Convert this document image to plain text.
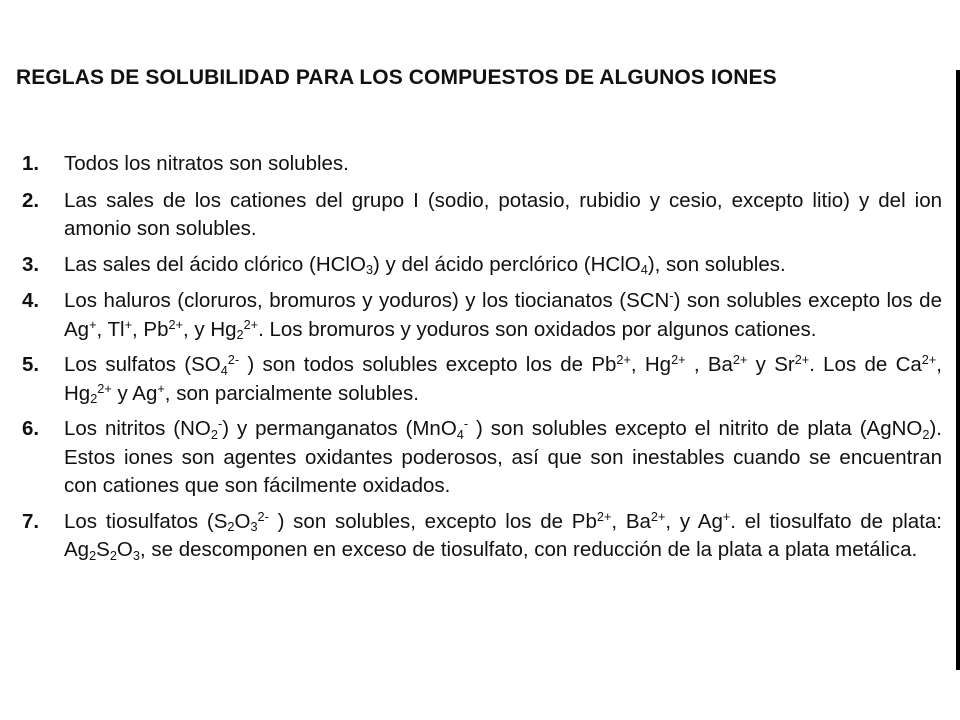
REGLAS DE SOLUBILIDAD PARA LOS COMPUESTOS DE ALGUNOS IONES
1. Todos los nitratos son solubles.
2. Las sales de los cationes del grupo I (sodio, potasio, rubidio y cesio, excepto litio) y del ion amonio son solubles.
3. Las sales del ácido clórico (HClO$_3$) y del ácido perclórico (HClO$_4$), son solubles.
4. Los haluros (cloruros, bromuros y yoduros) y los tiocianatos (SCN-) son solubles excepto los de Ag+, Tl+, $Pb^{2+}$, y $Hg_2^{2+}$. Los bromuros y yoduros son oxidados por algunos cationes.
5. Los sulfatos ($SO_4^{2-}$ ) son todos solubles excepto los de $Pb^{2+}$, $Hg^{2+}$ , $Ba^{2+}$ y $Sr^{2+}$. Los de $Ca^{2+}$, $Hg_2^{2+}$ y Ag+, son parcialmente solubles.
6. Los nitritos $(NO_2^-)$ y permanganatos (MnO$_4$- ) son solubles excepto el nitrito de plata (AgNO$_2$). Estos iones son agentes oxidantes poderosos, así que son inestables cuando se encuentran con cationes que son fácilmente oxidados.
7. Los tiosulfatos ($S_2O_3^{2-}$ ) son solubles, excepto los de $Pb^{2+}$, $Ba^{2+}$, y Ag+. el tiosulfato de plata: $Ag_2S_2O_3$, se descomponen en exceso de tiosulfato, con reducción de la plata a plata metálica.
